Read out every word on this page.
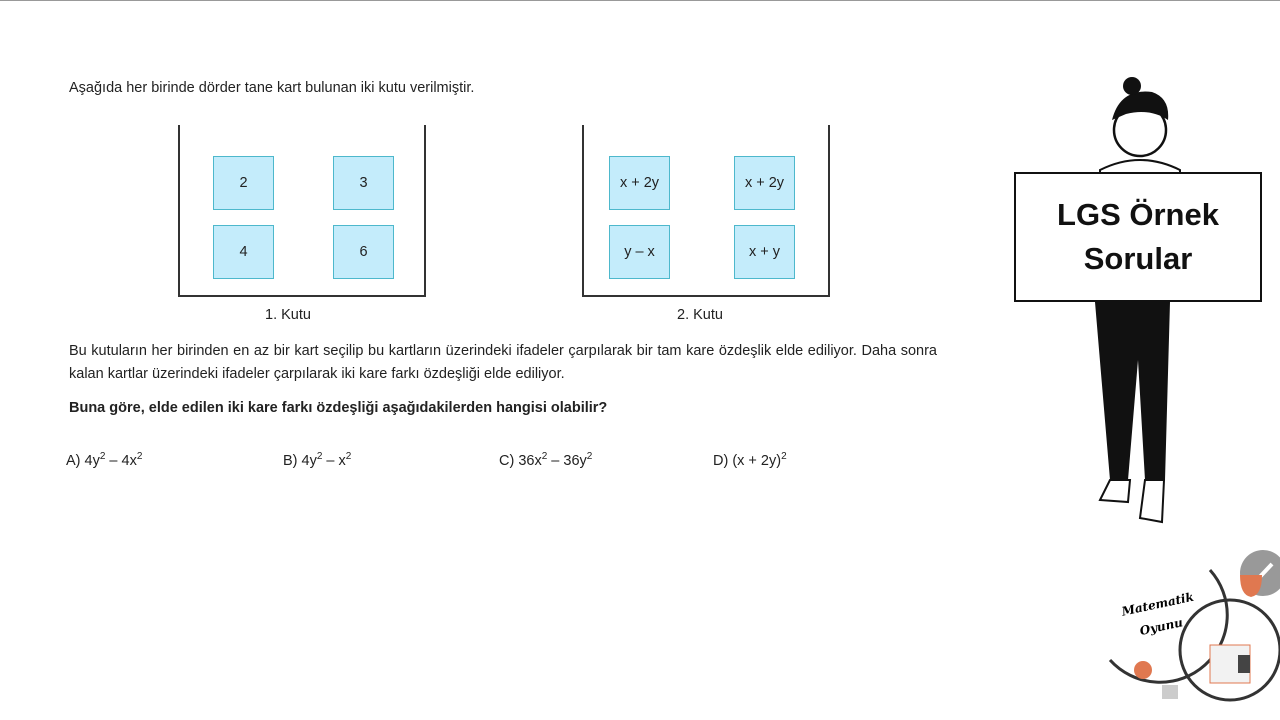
Aşağıda her birinde dörder tane kart bulunan iki kutu verilmiştir.
2	3
4	6
1. Kutu
x + 2y	x + 2y
y – x	x + y
2. Kutu
Bu kutuların her birinden en az bir kart seçilip bu kartların üzerindeki ifadeler çarpılarak bir tam kare özdeşlik elde ediliyor. Daha sonra kalan kartlar üzerindeki ifadeler çarpılarak iki kare farkı özdeşliği elde ediliyor.
Buna göre, elde edilen iki kare farkı özdeşliği aşağıdakilerden hangisi olabilir?
A) $4y^2 - 4x^2$	B) $4y^2 - x^2$	C) $36x^2 - 36y^2$	D) $(x + 2y)^2$
LGS Örnek
Sorular
Matematik
Oyunu
